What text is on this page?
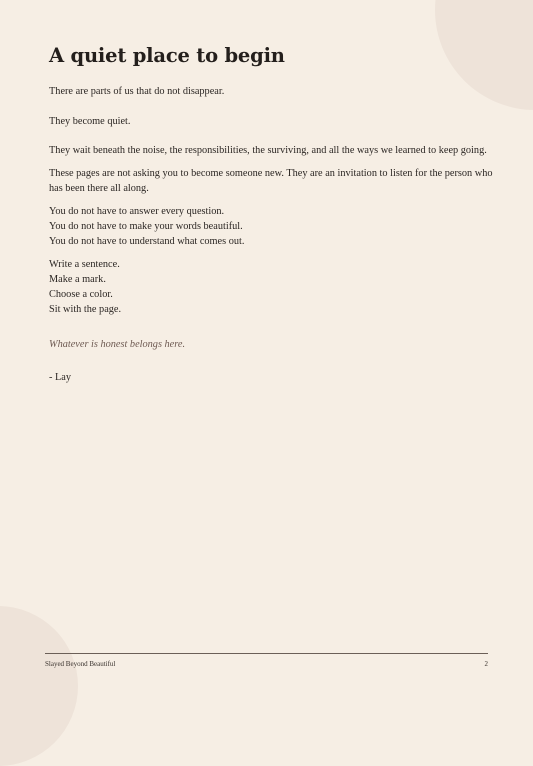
A quiet place to begin

There are parts of us that do not disappear.

They become quiet.

They wait beneath the noise, the responsibilities, the surviving, and all the ways we learned to keep going.

These pages are not asking you to become someone new. They are an invitation to listen for the person who has been there all along.

You do not have to answer every question.
You do not have to make your words beautiful.
You do not have to understand what comes out.
Write a sentence.
Make a mark.
Choose a color.
Sit with the page.

Whatever is honest belongs here.

- Lay

Slayed Beyond Beautiful	2
